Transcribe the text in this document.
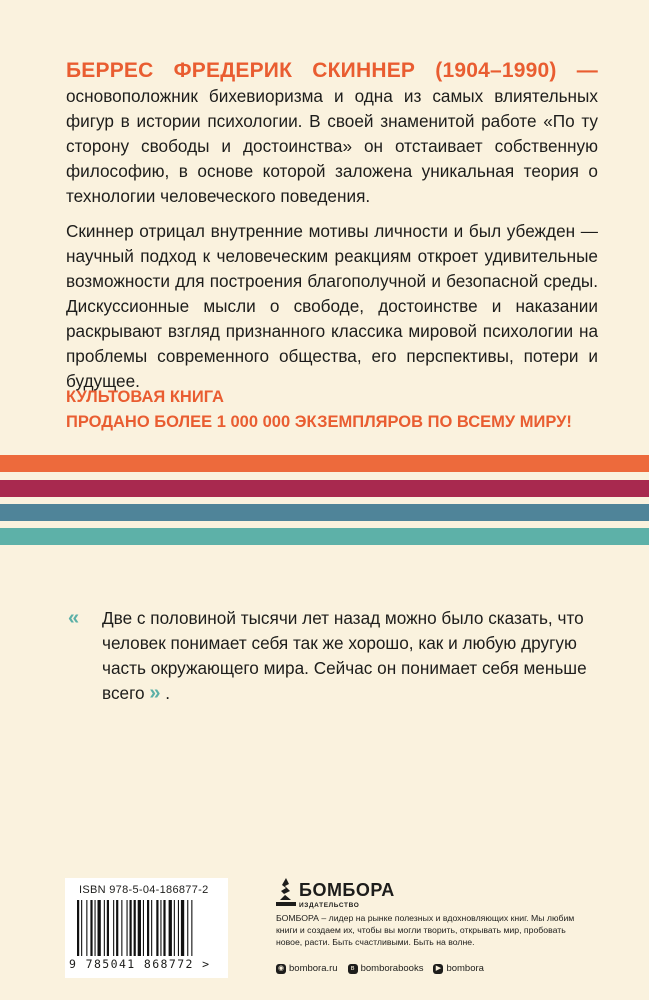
БЕРРЕС ФРЕДЕРИК СКИННЕР (1904–1990) — основоположник бихевиоризма и одна из самых влиятельных фигур в истории психологии. В своей знаменитой работе «По ту сторону свободы и достоинства» он отстаивает собственную философию, в основе которой заложена уникальная теория о технологии человеческого поведения.
Скиннер отрицал внутренние мотивы личности и был убежден — научный подход к человеческим реакциям откроет удивительные возможности для построения благополучной и безопасной среды. Дискуссионные мысли о свободе, достоинстве и наказании раскрывают взгляд признанного классика мировой психологии на проблемы современного общества, его перспективы, потери и будущее.
КУЛЬТОВАЯ КНИГА
ПРОДАНО БОЛЕЕ 1 000 000 ЭКЗЕМПЛЯРОВ ПО ВСЕМУ МИРУ!
« Две с половиной тысячи лет назад можно было сказать, что человек понимает себя так же хорошо, как и любую другую часть окружающего мира. Сейчас он понимает себя меньше всего » .
ISBN 978-5-04-186877-2
9 785041 868772 >
БОМБОРА
ИЗДАТЕЛЬСТВО
БОМБОРА – лидер на рынке полезных и вдохновляющих книг. Мы любим книги и создаем их, чтобы вы могли творить, открывать мир, пробовать новое, расти. Быть счастливыми. Быть на волне.
◉ bombora.ru	в bomborabooks	▶ bombora
